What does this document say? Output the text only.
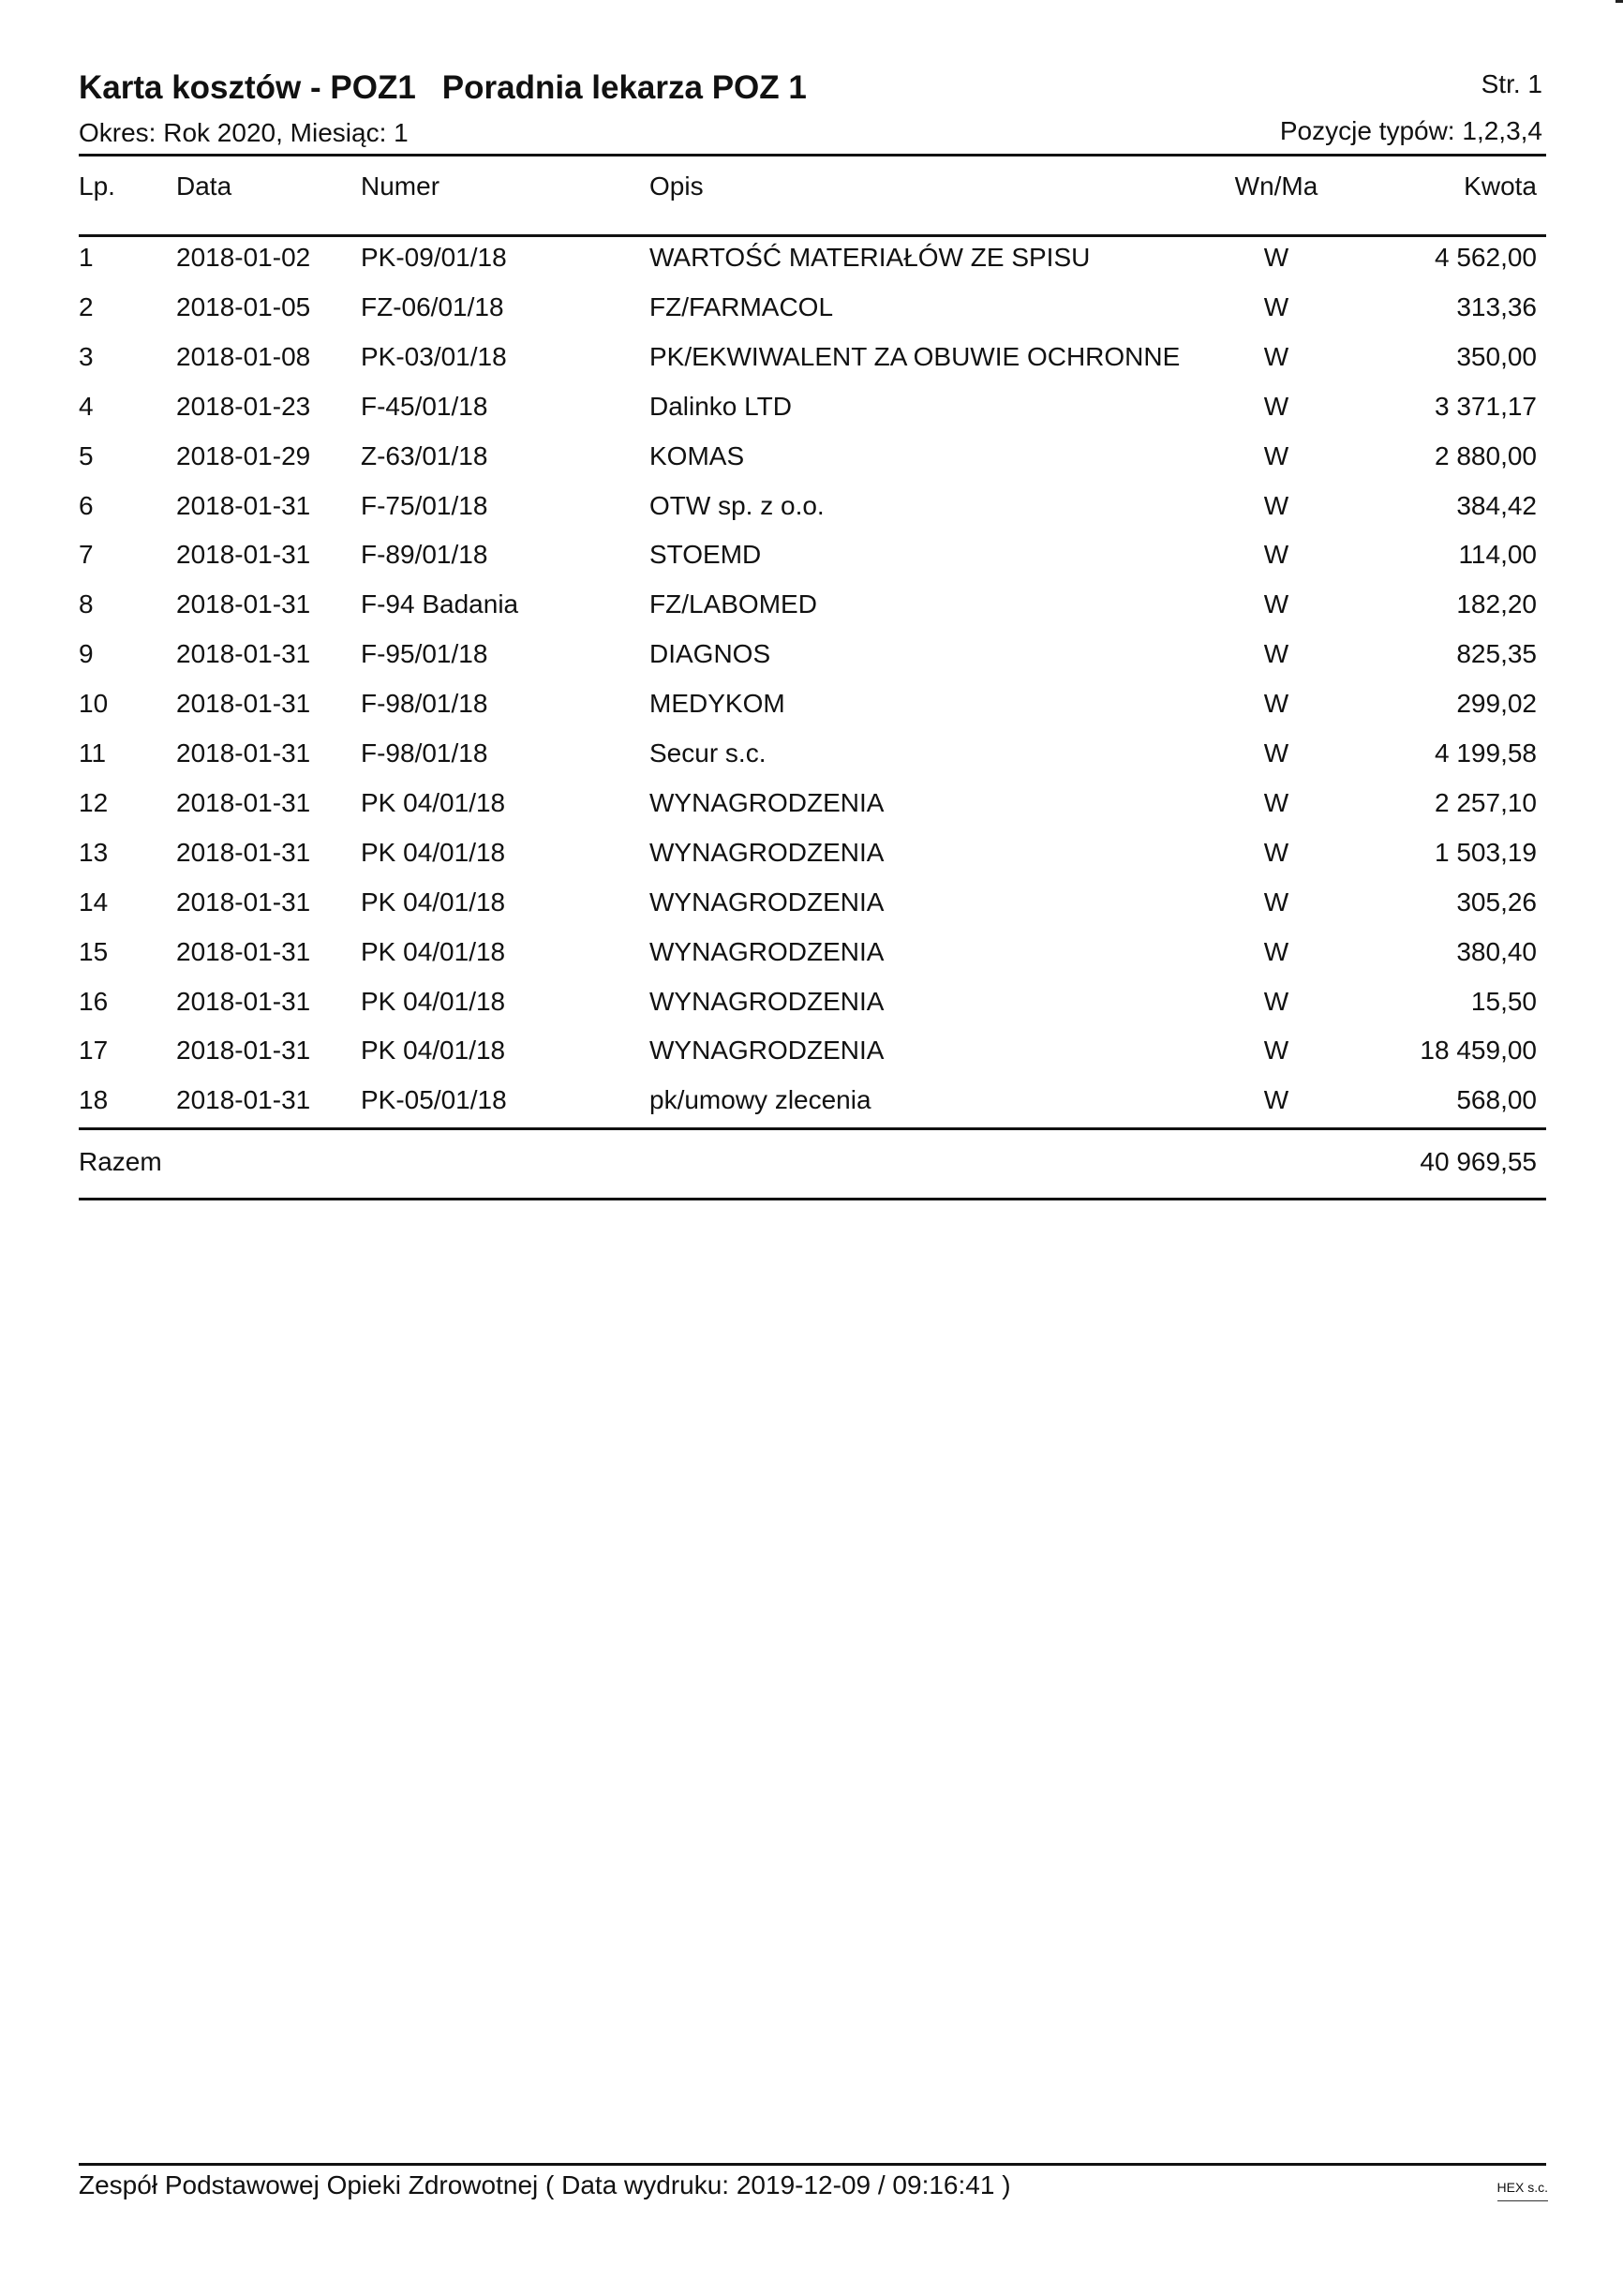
Karta kosztów - POZ1 Poradnia lekarza POZ 1	Str. 1
Okres: Rok 2020, Miesiąc: 1	Pozycje typów: 1,2,3,4
Lp. Data	Numer	Opis	Wn/Ma	Kwota
1	2018-01-02 PK-09/01/18	WARTOŚĆ MATERIAŁÓW ZE SPISU	W	4 562,00
2	2018-01-05 FZ-06/01/18	FZ/FARMACOL	W	313,36
3	2018-01-08 PK-03/01/18	PK/EKWIWALENT ZA OBUWIE OCHRONNE	W	350,00
4	2018-01-23 F-45/01/18	Dalinko LTD	W	3 371,17
5	2018-01-29 Z-63/01/18	KOMAS	W	2 880,00
6	2018-01-31 F-75/01/18	OTW sp. z o.o.	W	384,42
7	2018-01-31 F-89/01/18	STOEMD	W	114,00
8	2018-01-31 F-94 Badania	FZ/LABOMED	W	182,20
9	2018-01-31 F-95/01/18	DIAGNOS	W	825,35
10	2018-01-31 F-98/01/18	MEDYKOM	W	299,02
11	2018-01-31 F-98/01/18	Secur s.c.	W	4 199,58
12	2018-01-31 PK 04/01/18	WYNAGRODZENIA	W	2 257,10
13	2018-01-31 PK 04/01/18	WYNAGRODZENIA	W	1 503,19
14	2018-01-31 PK 04/01/18	WYNAGRODZENIA	W	305,26
15	2018-01-31 PK 04/01/18	WYNAGRODZENIA	W	380,40
16	2018-01-31 PK 04/01/18	WYNAGRODZENIA	W	15,50
17	2018-01-31 PK 04/01/18	WYNAGRODZENIA	W	18 459,00
18	2018-01-31 PK-05/01/18	pk/umowy zlecenia	W	568,00
Razem	40 969,55
Zespół Podstawowej Opieki Zdrowotnej ( Data wydruku: 2019-12-09 / 09:16:41 )	HEX s.c.
